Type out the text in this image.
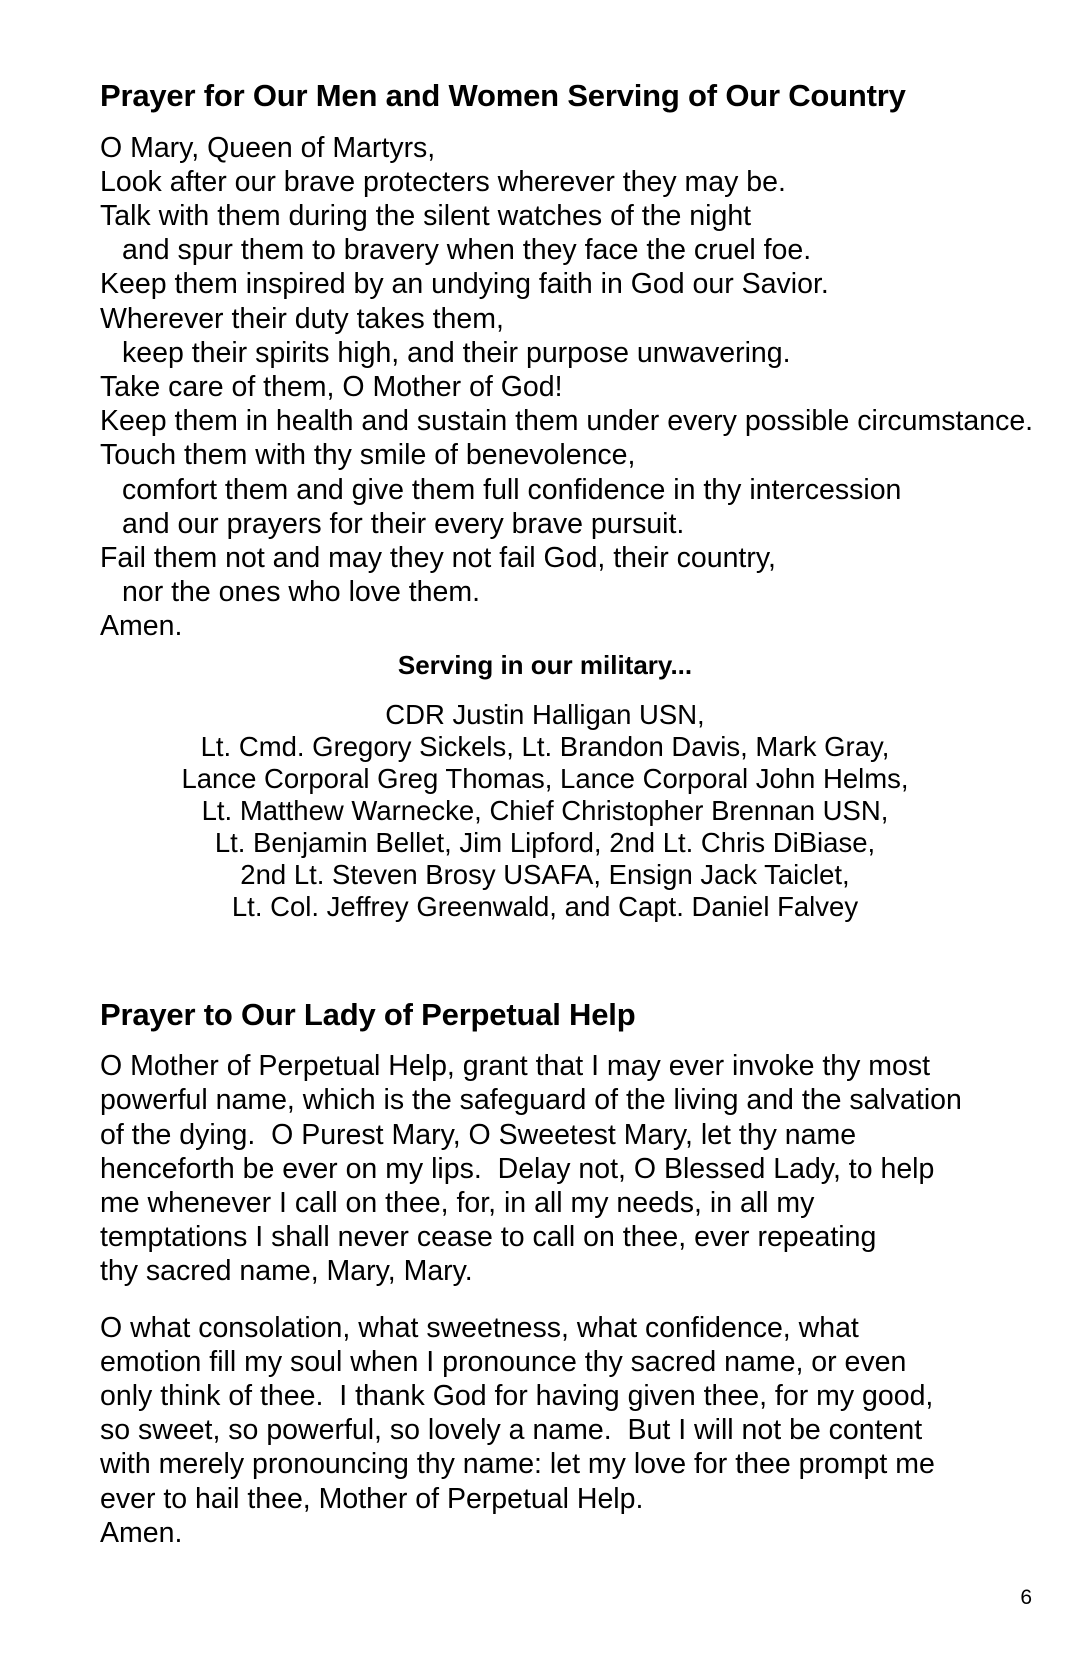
Prayer for Our Men and Women Serving of Our Country
O Mary, Queen of Martyrs,
Look after our brave protecters wherever they may be.
Talk with them during the silent watches of the night
and spur them to bravery when they face the cruel foe.
Keep them inspired by an undying faith in God our Savior.
Wherever their duty takes them,
keep their spirits high, and their purpose unwavering.
Take care of them, O Mother of God!
Keep them in health and sustain them under every possible circumstance.
Touch them with thy smile of benevolence,
comfort them and give them full confidence in thy intercession
and our prayers for their every brave pursuit.
Fail them not and may they not fail God, their country,
nor the ones who love them.
Amen.
Serving in our military...
CDR Justin Halligan USN,
Lt. Cmd. Gregory Sickels, Lt. Brandon Davis, Mark Gray,
Lance Corporal Greg Thomas, Lance Corporal John Helms,
Lt. Matthew Warnecke, Chief Christopher Brennan USN,
Lt. Benjamin Bellet, Jim Lipford, 2nd Lt. Chris DiBiase,
2nd Lt. Steven Brosy USAFA, Ensign Jack Taiclet,
Lt. Col. Jeffrey Greenwald, and Capt. Daniel Falvey
Prayer to Our Lady of Perpetual Help
O Mother of Perpetual Help, grant that I may ever invoke thy most
powerful name, which is the safeguard of the living and the salvation
of the dying.  O Purest Mary, O Sweetest Mary, let thy name
henceforth be ever on my lips.  Delay not, O Blessed Lady, to help
me whenever I call on thee, for, in all my needs, in all my
temptations I shall never cease to call on thee, ever repeating
thy sacred name, Mary, Mary.
O what consolation, what sweetness, what confidence, what
emotion fill my soul when I pronounce thy sacred name, or even
only think of thee.  I thank God for having given thee, for my good,
so sweet, so powerful, so lovely a name.  But I will not be content
with merely pronouncing thy name: let my love for thee prompt me
ever to hail thee, Mother of Perpetual Help.
Amen.
6
